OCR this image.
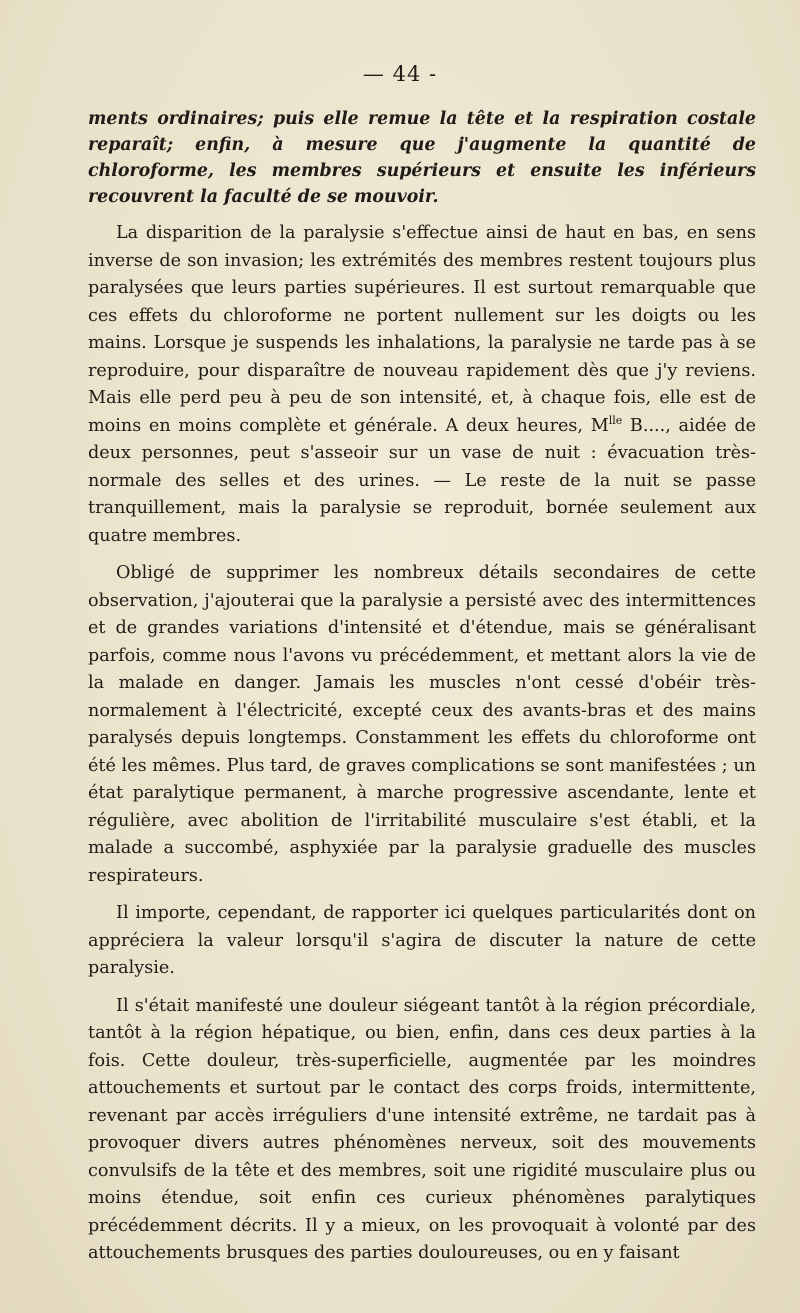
— 44 -

ments ordinaires; puis elle remue la tête et la respiration costale reparaît; enfin, à mesure que j'augmente la quantité de chloroforme, les membres supérieurs et ensuite les inférieurs recouvrent la faculté de se mouvoir.

La disparition de la paralysie s'effectue ainsi de haut en bas, en sens inverse de son invasion; les extrémités des membres restent toujours plus paralysées que leurs parties supérieures. Il est surtout remarquable que ces effets du chloroforme ne portent nullement sur les doigts ou les mains. Lorsque je suspends les inhalations, la paralysie ne tarde pas à se reproduire, pour disparaître de nouveau rapidement dès que j'y reviens. Mais elle perd peu à peu de son intensité, et, à chaque fois, elle est de moins en moins complète et générale. A deux heures, $M^{lle}$ B...., aidée de deux personnes, peut s'asseoir sur un vase de nuit : évacuation très-normale des selles et des urines. — Le reste de la nuit se passe tranquillement, mais la paralysie se reproduit, bornée seulement aux quatre membres.

Obligé de supprimer les nombreux détails secondaires de cette observation, j'ajouterai que la paralysie a persisté avec des intermittences et de grandes variations d'intensité et d'étendue, mais se généralisant parfois, comme nous l'avons vu précédemment, et mettant alors la vie de la malade en danger. Jamais les muscles n'ont cessé d'obéir très-normalement à l'électricité, excepté ceux des avants-bras et des mains paralysés depuis longtemps. Constamment les effets du chloroforme ont été les mêmes. Plus tard, de graves complications se sont manifestées ; un état paralytique permanent, à marche progressive ascendante, lente et régulière, avec abolition de l'irritabilité musculaire s'est établi, et la malade a succombé, asphyxiée par la paralysie graduelle des muscles respirateurs.

Il importe, cependant, de rapporter ici quelques particularités dont on appréciera la valeur lorsqu'il s'agira de discuter la nature de cette paralysie.

Il s'était manifesté une douleur siégeant tantôt à la région précordiale, tantôt à la région hépatique, ou bien, enfin, dans ces deux parties à la fois. Cette douleur, très-superficielle, augmentée par les moindres attouchements et surtout par le contact des corps froids, intermittente, revenant par accès irréguliers d'une intensité extrême, ne tardait pas à provoquer divers autres phénomènes nerveux, soit des mouvements convulsifs de la tête et des membres, soit une rigidité musculaire plus ou moins étendue, soit enfin ces curieux phénomènes paralytiques précédemment décrits. Il y a mieux, on les provoquait à volonté par des attouchements brusques des parties douloureuses, ou en y faisant
